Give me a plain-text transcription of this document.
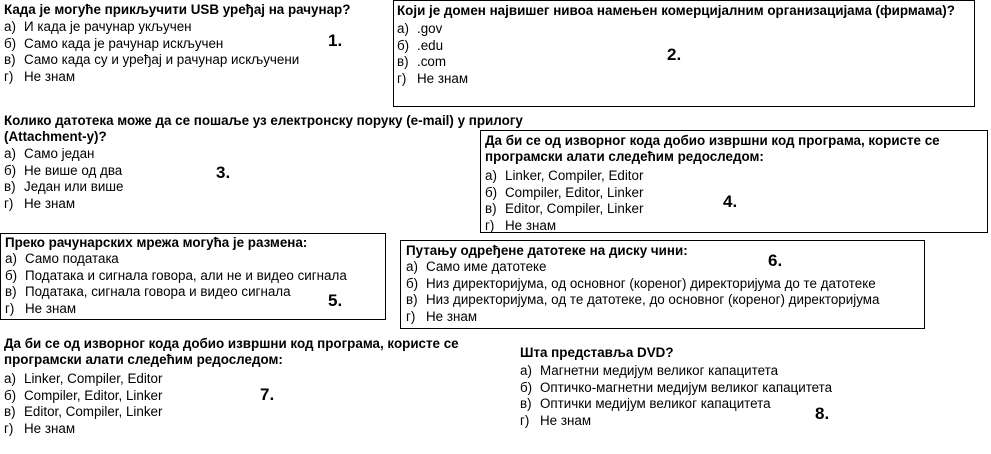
Када је могуће прикључити USB уређај на рачунар?

а) И када је рачунар укључен
б) Само када је рачунар искључен
в) Само када су и уређај и рачунар искључени
г) Не знам
1.

Који је домен највишег нивоа намењен комерцијалним организацијама (фирмама)?

а) .gov
б) .edu
в) .com
г) Не знам
2.

Колико датотека може да се пошаље уз електронску поруку (e-mail) у прилогу (Attachment-у)?

а) Само један
б) Не више од два
в) Један или више
г) Не знам
3.

Да би се од изворног кода добио извршни код програма, користе се програмски алати следећим редоследом:

а) Linker, Compiler, Editor
б) Compiler, Editor, Linker
в) Editor, Compiler, Linker
г) Не знам
4.

Преко рачунарских мрежа могућа је размена:

а) Само податакa
б) Података и сигнала говора, али не и видео сигнала
в) Података, сигнала говора и видео сигнала
г) Не знам	5.

Путању одређене датотеке на диску чини:

а) Само име датотеке
б) Низ директоријума, од основног (кореног) директоријума до те датотеке
в) Низ директоријума, од те датотеке, до основног (кореног) директоријума
г) Не знам
6.

Да би се од изворног кода добио извршни код програма, користе се програмски алати следећим редоследом:

а) Linker, Compiler, Editor
б) Compiler, Editor, Linker
в) Editor, Compiler, Linker
г) Не знам
7.

Шта представља DVD?

а) Магнетни медијум великог капацитета
б) Оптичко-магнетни медијум великог капацитета
в) Оптички медијум великог капацитета
г) Не знам	8.
